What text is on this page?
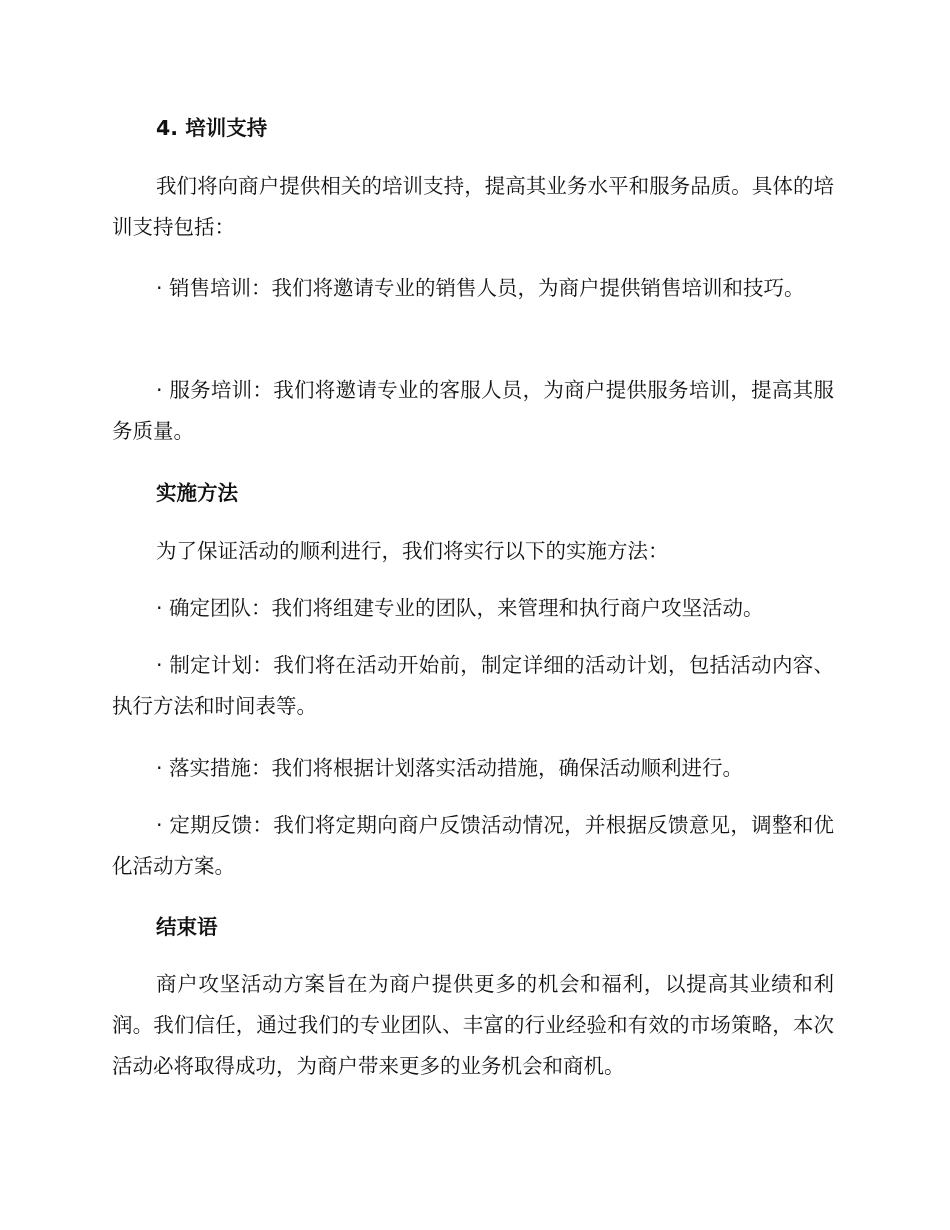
4. 培训支持

我们将向商户提供相关的培训支持，提高其业务水平和服务品质。具体的培训支持包括：

· 销售培训：我们将邀请专业的销售人员，为商户提供销售培训和技巧。

· 服务培训：我们将邀请专业的客服人员，为商户提供服务培训，提高其服务质量。

实施方法

为了保证活动的顺利进行，我们将实行以下的实施方法：

· 确定团队：我们将组建专业的团队，来管理和执行商户攻坚活动。

· 制定计划：我们将在活动开始前，制定详细的活动计划，包括活动内容、执行方法和时间表等。

· 落实措施：我们将根据计划落实活动措施，确保活动顺利进行。

· 定期反馈：我们将定期向商户反馈活动情况，并根据反馈意见，调整和优化活动方案。

结束语

商户攻坚活动方案旨在为商户提供更多的机会和福利，以提高其业绩和利润。我们信任，通过我们的专业团队、丰富的行业经验和有效的市场策略，本次活动必将取得成功，为商户带来更多的业务机会和商机。
